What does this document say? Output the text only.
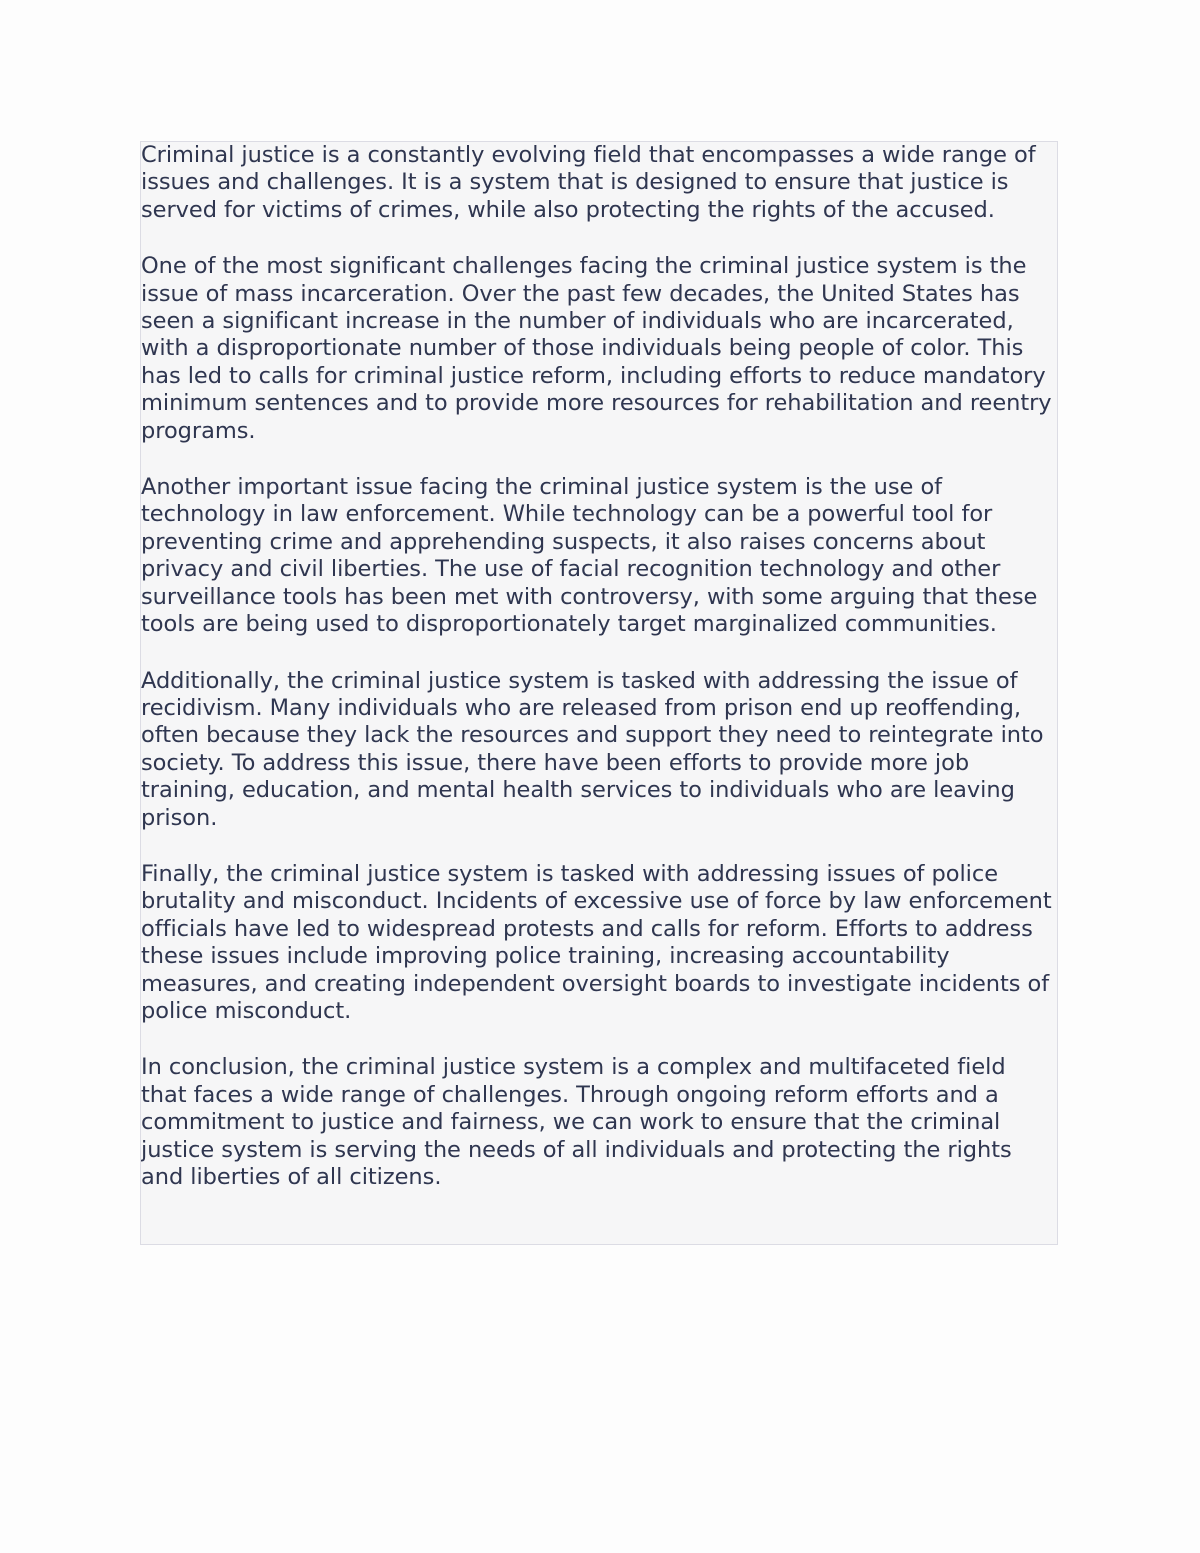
Criminal justice is a constantly evolving field that encompasses a wide range of issues and challenges. It is a system that is designed to ensure that justice is served for victims of crimes, while also protecting the rights of the accused.

One of the most significant challenges facing the criminal justice system is the issue of mass incarceration. Over the past few decades, the United States has seen a significant increase in the number of individuals who are incarcerated, with a disproportionate number of those individuals being people of color. This has led to calls for criminal justice reform, including efforts to reduce mandatory minimum sentences and to provide more resources for rehabilitation and reentry programs.

Another important issue facing the criminal justice system is the use of technology in law enforcement. While technology can be a powerful tool for preventing crime and apprehending suspects, it also raises concerns about privacy and civil liberties. The use of facial recognition technology and other surveillance tools has been met with controversy, with some arguing that these tools are being used to disproportionately target marginalized communities.

Additionally, the criminal justice system is tasked with addressing the issue of recidivism. Many individuals who are released from prison end up reoffending, often because they lack the resources and support they need to reintegrate into society. To address this issue, there have been efforts to provide more job training, education, and mental health services to individuals who are leaving prison.

Finally, the criminal justice system is tasked with addressing issues of police brutality and misconduct. Incidents of excessive use of force by law enforcement officials have led to widespread protests and calls for reform. Efforts to address these issues include improving police training, increasing accountability measures, and creating independent oversight boards to investigate incidents of police misconduct.

In conclusion, the criminal justice system is a complex and multifaceted field that faces a wide range of challenges. Through ongoing reform efforts and a commitment to justice and fairness, we can work to ensure that the criminal justice system is serving the needs of all individuals and protecting the rights and liberties of all citizens.
